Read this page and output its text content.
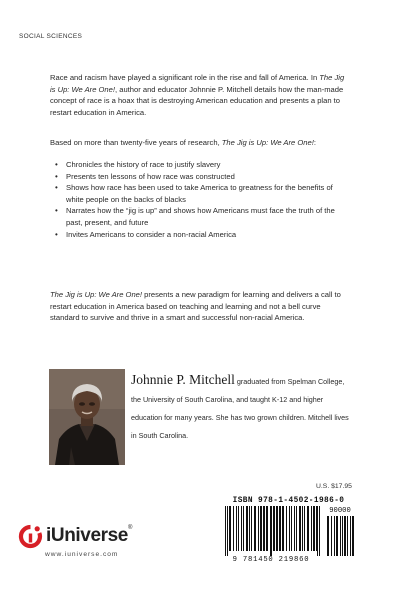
SOCIAL SCIENCES

Race and racism have played a significant role in the rise and fall of America. In The Jig is Up: We Are One!, author and educator Johnnie P. Mitchell details how the man-made concept of race is a hoax that is destroying American education and presents a plan to restart education in America.

Based on more than twenty-five years of research, The Jig is Up: We Are One!:

• Chronicles the history of race to justify slavery
• Presents ten lessons of how race was constructed
• Shows how race has been used to take America to greatness for the benefits of white people on the backs of blacks
• Narrates how the “jig is up” and shows how Americans must face the truth of the past, present, and future
• Invites Americans to consider a non-racial America

The Jig is Up: We Are One! presents a new paradigm for learning and delivers a call to restart education in America based on teaching and learning and not a bell curve standard to survive and thrive in a smart and successful non-racial America.

Johnnie P. Mitchell graduated from Spelman College, the University of South Carolina, and taught K-12 and higher education for many years. She has two grown children. Mitchell lives in South Carolina.
U.S. $17.95
ISBN 978-1-4502-1986-0
9 781450 219860
90000
iUniverse®
www.iuniverse.com
